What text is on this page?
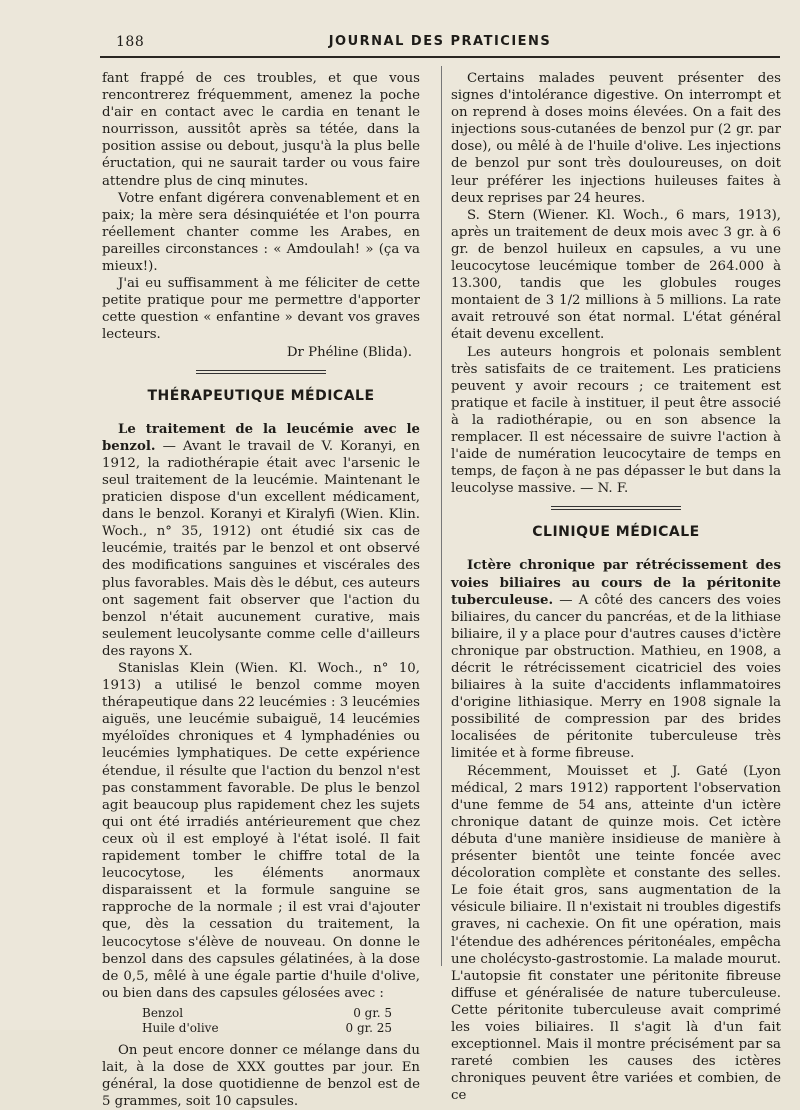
188	JOURNAL DES PRATICIENS

fant frappé de ces troubles, et que vous rencontrerez fréquemment, amenez la poche d'air en contact avec le cardia en tenant le nourrisson, aussitôt après sa tétée, dans la position assise ou debout, jusqu'à la plus belle éructation, qui ne saurait tarder ou vous faire attendre plus de cinq minutes.

Votre enfant digérera convenablement et en paix; la mère sera désinquiétée et l'on pourra réellement chanter comme les Arabes, en pareilles circonstances : « Amdoulah! » (ça va mieux!).

J'ai eu suffisamment à me féliciter de cette petite pratique pour me permettre d'apporter cette question « enfantine » devant vos graves lecteurs.

Dr Phéline (Blida).

THÉRAPEUTIQUE MÉDICALE

Le traitement de la leucémie avec le benzol. — Avant le travail de V. Koranyi, en 1912, la radiothérapie était avec l'arsenic le seul traitement de la leucémie. Maintenant le praticien dispose d'un excellent médicament, dans le benzol. Koranyi et Kiralyfi (Wien. Klin. Woch., n° 35, 1912) ont étudié six cas de leucémie, traités par le benzol et ont observé des modifications sanguines et viscérales des plus favorables. Mais dès le début, ces auteurs ont sagement fait observer que l'action du benzol n'était aucunement curative, mais seulement leucolysante comme celle d'ailleurs des rayons X.

Stanislas Klein (Wien. Kl. Woch., n° 10, 1913) a utilisé le benzol comme moyen thérapeutique dans 22 leucémies : 3 leucémies aiguës, une leucémie subaiguë, 14 leucémies myéloïdes chroniques et 4 lymphadénies ou leucémies lymphatiques. De cette expérience étendue, il résulte que l'action du benzol n'est pas constamment favorable. De plus le benzol agit beaucoup plus rapidement chez les sujets qui ont été irradiés antérieurement que chez ceux où il est employé à l'état isolé. Il fait rapidement tomber le chiffre total de la leucocytose, les éléments anormaux disparaissent et la formule sanguine se rapproche de la normale ; il est vrai d'ajouter que, dès la cessation du traitement, la leucocytose s'élève de nouveau. On donne le benzol dans des capsules gélatinées, à la dose de 0,5, mêlé à une égale partie d'huile d'olive, ou bien dans des capsules gélosées avec :

Benzol	0 gr. 5
Huile d'olive	0 gr. 25

On peut encore donner ce mélange dans du lait, à la dose de XXX gouttes par jour. En général, la dose quotidienne de benzol est de 5 grammes, soit 10 capsules.

Certains malades peuvent présenter des signes d'intolérance digestive. On interrompt et on reprend à doses moins élevées. On a fait des injections sous-cutanées de benzol pur (2 gr. par dose), ou mêlé à de l'huile d'olive. Les injections de benzol pur sont très douloureuses, on doit leur préférer les injections huileuses faites à deux reprises par 24 heures.

S. Stern (Wiener. Kl. Woch., 6 mars, 1913), après un traitement de deux mois avec 3 gr. à 6 gr. de benzol huileux en capsules, a vu une leucocytose leucémique tomber de 264.000 à 13.300, tandis que les globules rouges montaient de 3 1/2 millions à 5 millions. La rate avait retrouvé son état normal. L'état général était devenu excellent.

Les auteurs hongrois et polonais semblent très satisfaits de ce traitement. Les praticiens peuvent y avoir recours ; ce traitement est pratique et facile à instituer, il peut être associé à la radiothérapie, ou en son absence la remplacer. Il est nécessaire de suivre l'action à l'aide de numération leucocytaire de temps en temps, de façon à ne pas dépasser le but dans la leucolyse massive. — N. F.

CLINIQUE MÉDICALE

Ictère chronique par rétrécissement des voies biliaires au cours de la péritonite tuberculeuse. — A côté des cancers des voies biliaires, du cancer du pancréas, et de la lithiase biliaire, il y a place pour d'autres causes d'ictère chronique par obstruction. Mathieu, en 1908, a décrit le rétrécissement cicatriciel des voies biliaires à la suite d'accidents inflammatoires d'origine lithiasique. Merry en 1908 signale la possibilité de compression par des brides localisées de péritonite tuberculeuse très limitée et à forme fibreuse.

Récemment, Mouisset et J. Gaté (Lyon médical, 2 mars 1912) rapportent l'observation d'une femme de 54 ans, atteinte d'un ictère chronique datant de quinze mois. Cet ictère débuta d'une manière insidieuse de manière à présenter bientôt une teinte foncée avec décoloration complète et constante des selles. Le foie était gros, sans augmentation de la vésicule biliaire. Il n'existait ni troubles digestifs graves, ni cachexie. On fit une opération, mais l'étendue des adhérences péritonéales, empêcha une cholécysto-gastrostomie. La malade mourut. L'autopsie fit constater une péritonite fibreuse diffuse et généralisée de nature tuberculeuse. Cette péritonite tuberculeuse avait comprimé les voies biliaires. Il s'agit là d'un fait exceptionnel. Mais il montre précisément par sa rareté combien les causes des ictères chroniques peuvent être variées et combien, de ce
